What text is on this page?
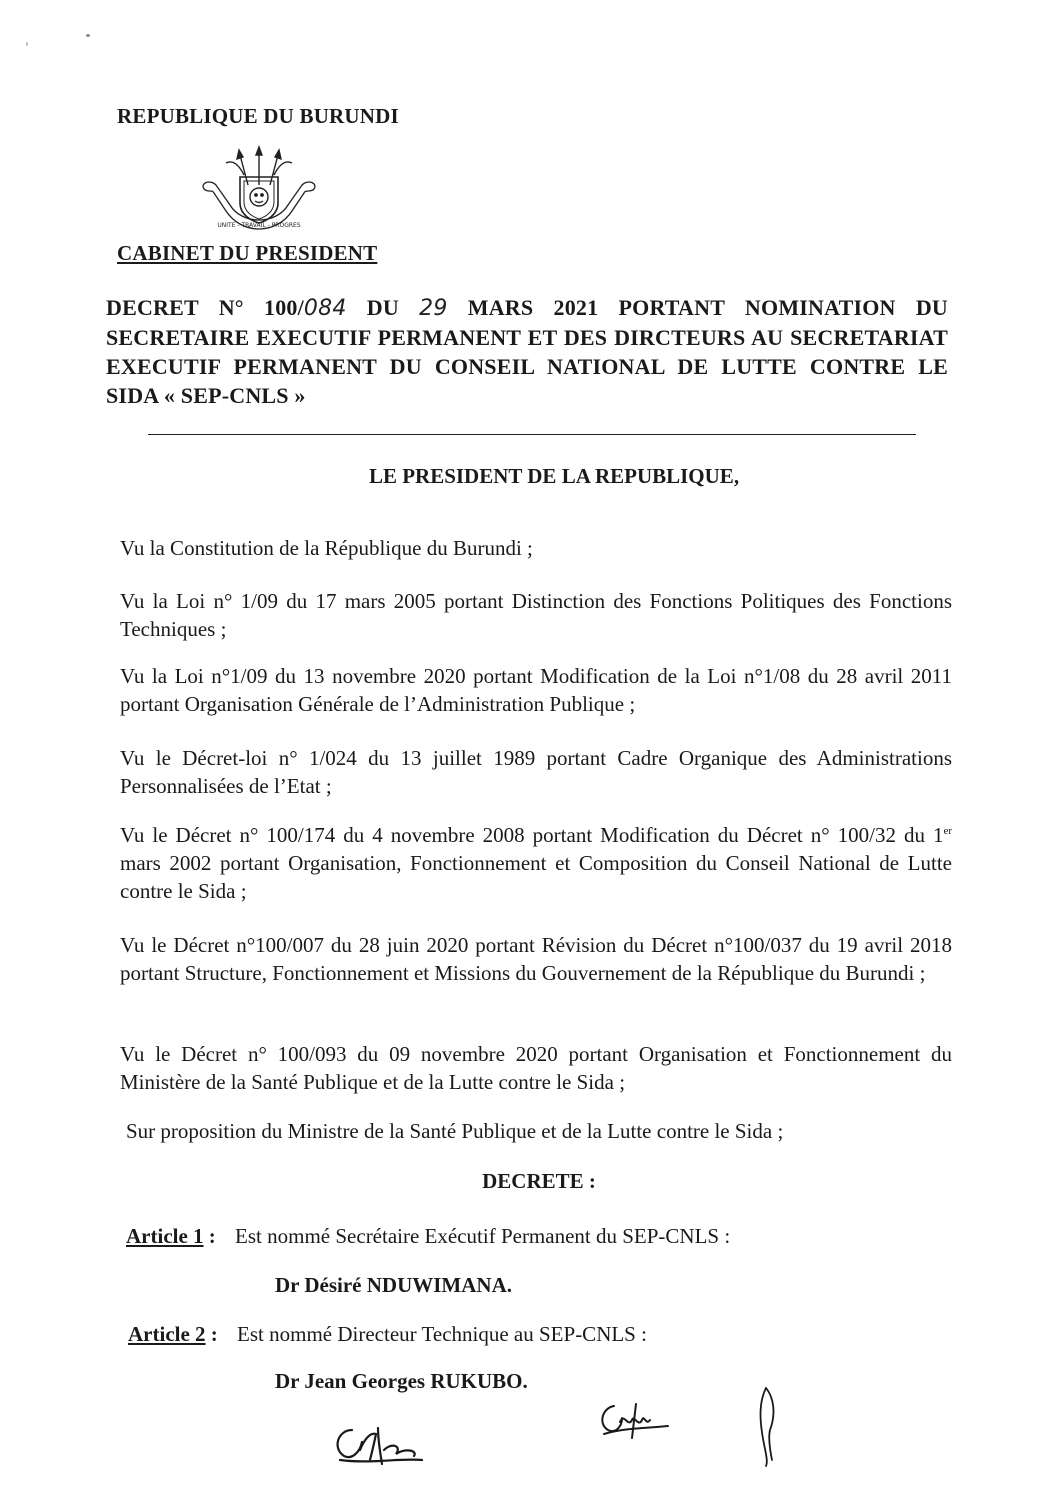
REPUBLIQUE DU BURUNDI
UNITE - TRAVAIL - PROGRES
CABINET DU PRESIDENT
DECRET N° 100/084 DU 29 MARS 2021 PORTANT NOMINATION DU SECRETAIRE EXECUTIF PERMANENT ET DES DIRCTEURS AU SECRETARIAT EXECUTIF PERMANENT DU CONSEIL NATIONAL DE LUTTE CONTRE LE SIDA « SEP-CNLS »
LE PRESIDENT DE LA REPUBLIQUE,
Vu la Constitution de la République du Burundi ;
Vu la Loi n° 1/09 du 17 mars 2005 portant Distinction des Fonctions Politiques des Fonctions Techniques ;
Vu la Loi n°1/09 du 13 novembre 2020 portant Modification de la Loi n°1/08 du 28 avril 2011 portant Organisation Générale de l’Administration Publique ;
Vu le Décret-loi n° 1/024 du 13 juillet 1989 portant Cadre Organique des Administrations Personnalisées de l’Etat ;
Vu le Décret n° 100/174 du 4 novembre 2008 portant Modification du Décret n° 100/32 du 1er mars 2002 portant Organisation, Fonctionnement et Composition du Conseil National de Lutte contre le Sida ;
Vu le Décret n°100/007 du 28 juin 2020 portant Révision du Décret n°100/037 du 19 avril 2018 portant Structure, Fonctionnement et Missions du Gouvernement de la République du Burundi ;
Vu le Décret n° 100/093 du 09 novembre 2020 portant Organisation et Fonctionnement du Ministère de la Santé Publique et de la Lutte contre le Sida ;
Sur proposition du Ministre de la Santé Publique et de la Lutte contre le Sida ;
DECRETE :
Article 1 : Est nommé Secrétaire Exécutif Permanent du SEP-CNLS :
Dr Désiré NDUWIMANA.
Article 2 : Est nommé Directeur Technique au SEP-CNLS :
Dr Jean Georges RUKUBO.
